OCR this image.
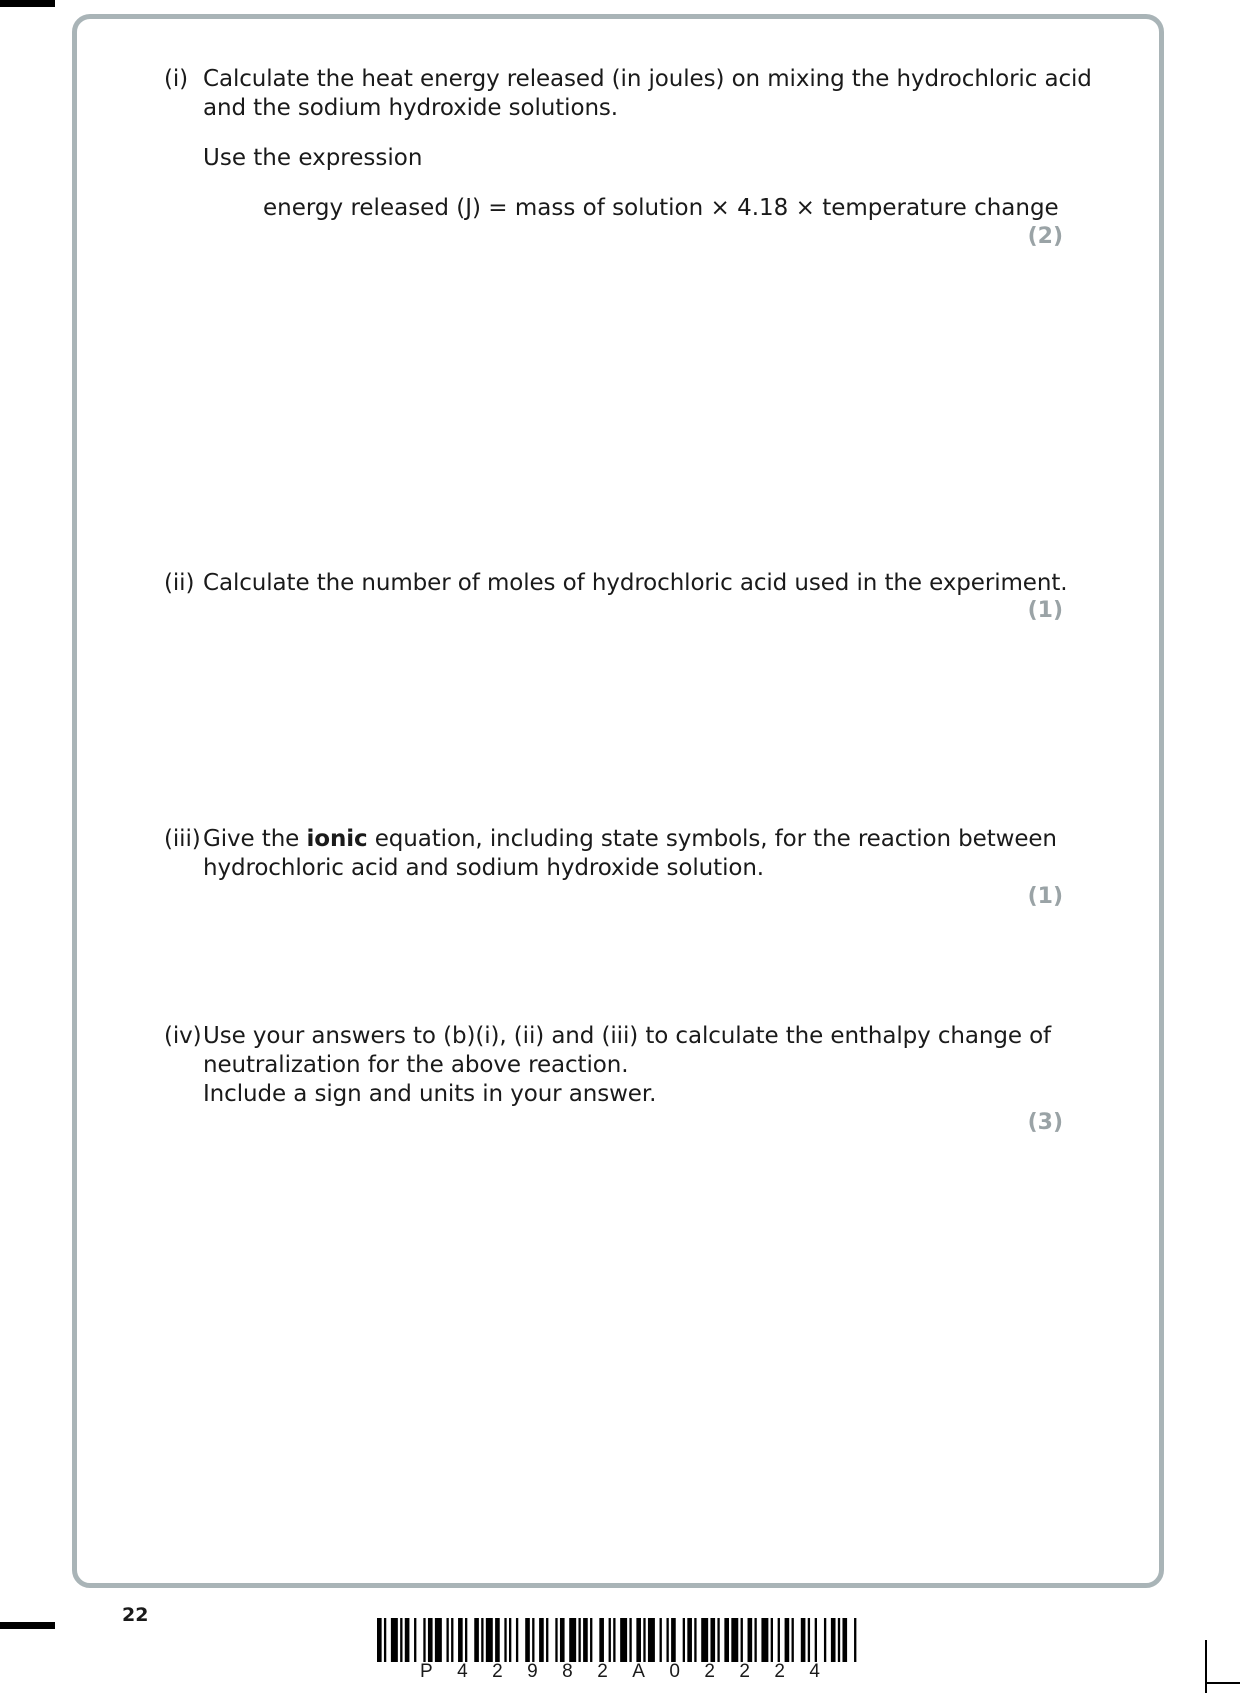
(i) Calculate the heat energy released (in joules) on mixing the hydrochloric acid
and the sodium hydroxide solutions.
Use the expression
energy released (J) = mass of solution × 4.18 × temperature change
(2)
(ii) Calculate the number of moles of hydrochloric acid used in the experiment.
(1)
(iii) Give the ionic equation, including state symbols, for the reaction between
hydrochloric acid and sodium hydroxide solution.
(1)
(iv) Use your answers to (b)(i), (ii) and (iii) to calculate the enthalpy change of
neutralization for the above reaction.
Include a sign and units in your answer.
(3)
22
P 4 2 9 8 2 A 0 2 2 2 4
